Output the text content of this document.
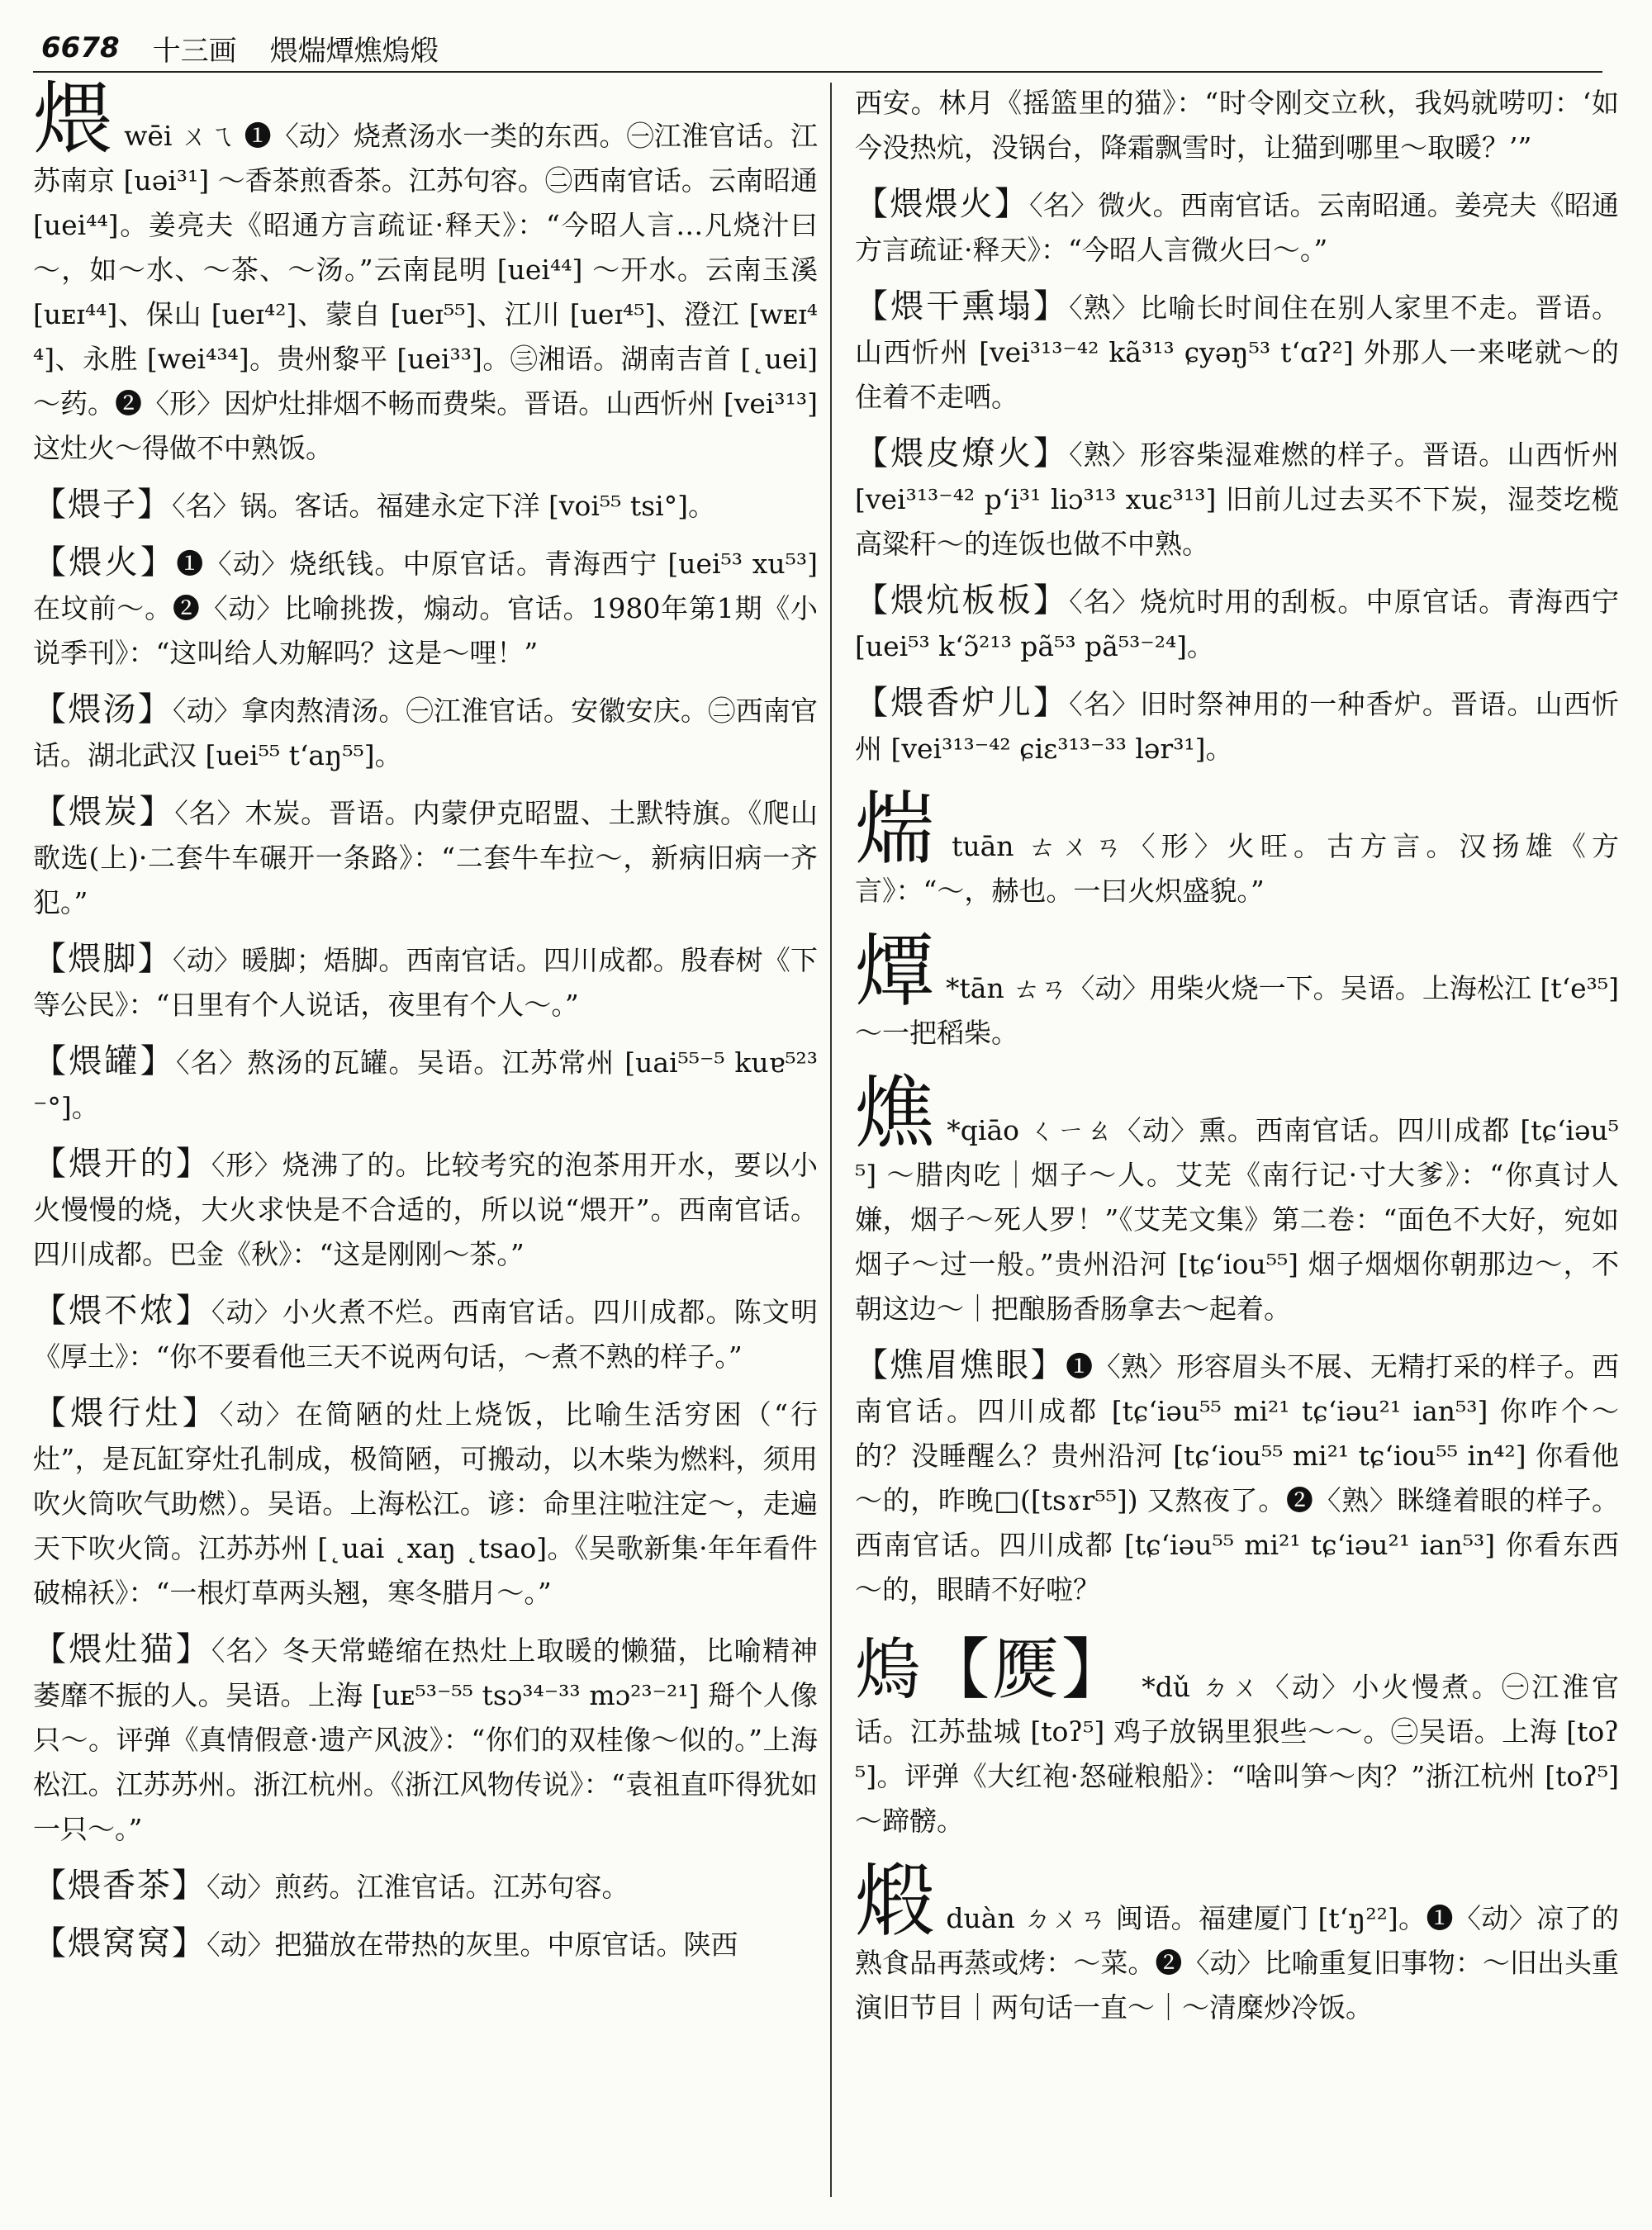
6678 十三画 煨煓燂燋熓煅

煨wēi ㄨㄟ ❶〈动〉烧煮汤水一类的东西。㊀江淮官话。江苏南京 [uəi³¹] ～香茶煎香茶。江苏句容。㊁西南官话。云南昭通 [uei⁴⁴]。姜亮夫《昭通方言疏证·释天》：“今昭人言…凡烧汁曰～，如～水、～茶、～汤。”云南昆明 [uei⁴⁴] ～开水。云南玉溪 [uᴇɪ⁴⁴]、保山 [ueɪ⁴²]、蒙自 [ueɪ⁵⁵]、江川 [ueɪ⁴⁵]、澄江 [wᴇɪ⁴⁴]、永胜 [wei⁴³⁴]。贵州黎平 [uei³³]。㊂湘语。湖南吉首 [˛uei] ～药。❷〈形〉因炉灶排烟不畅而费柴。晋语。山西忻州 [vei³¹³] 这灶火～得做不中熟饭。

【煨子】〈名〉锅。客话。福建永定下洋 [voi⁵⁵ tsi°]。

【煨火】❶〈动〉烧纸钱。中原官话。青海西宁 [uei⁵³ xu⁵³] 在坟前～。❷〈动〉比喻挑拨，煽动。官话。1980年第1期《小说季刊》：“这叫给人劝解吗？这是～哩！”

【煨汤】〈动〉拿肉熬清汤。㊀江淮官话。安徽安庆。㊁西南官话。湖北武汉 [uei⁵⁵ t‘aŋ⁵⁵]。

【煨炭】〈名〉木炭。晋语。内蒙伊克昭盟、土默特旗。《爬山歌选(上)·二套牛车碾开一条路》：“二套牛车拉～，新病旧病一齐犯。”

【煨脚】〈动〉暖脚；焐脚。西南官话。四川成都。殷春树《下等公民》：“日里有个人说话，夜里有个人～。”

【煨罐】〈名〉熬汤的瓦罐。吴语。江苏常州 [uai⁵⁵⁻⁵ kuɐ⁵²³⁻°]。

【煨开的】〈形〉烧沸了的。比较考究的泡茶用开水，要以小火慢慢的烧，大火求快是不合适的，所以说“煨开”。西南官话。四川成都。巴金《秋》：“这是刚刚～茶。”

【煨不㶶】〈动〉小火煮不烂。西南官话。四川成都。陈文明《厚土》：“你不要看他三天不说两句话，～煮不熟的样子。”

【煨行灶】〈动〉在简陋的灶上烧饭，比喻生活穷困（“行灶”，是瓦缸穿灶孔制成，极简陋，可搬动，以木柴为燃料，须用吹火筒吹气助燃）。吴语。上海松江。谚：命里注啦注定～，走遍天下吹火筒。江苏苏州 [˛uai ˛xaŋ ˛tsao]。《吴歌新集·年年看件破棉袄》：“一根灯草两头翘，寒冬腊月～。”

【煨灶猫】〈名〉冬天常蜷缩在热灶上取暖的懒猫，比喻精神萎靡不振的人。吴语。上海 [uᴇ⁵³⁻⁵⁵ tsɔ³⁴⁻³³ mɔ²³⁻²¹] 搿个人像只～。评弹《真情假意·遗产风波》：“你们的双桂像～似的。”上海松江。江苏苏州。浙江杭州。《浙江风物传说》：“袁祖直吓得犹如一只～。”

【煨香茶】〈动〉煎药。江淮官话。江苏句容。

【煨窝窝】〈动〉把猫放在带热的灰里。中原官话。陕西

西安。林月《摇篮里的猫》：“时令刚交立秋，我妈就唠叨：‘如今没热炕，没锅台，降霜飘雪时，让猫到哪里～取暖？’”

【煨煨火】〈名〉微火。西南官话。云南昭通。姜亮夫《昭通方言疏证·释天》：“今昭人言微火曰～。”

【煨干熏塌】〈熟〉比喻长时间住在别人家里不走。晋语。山西忻州 [vei³¹³⁻⁴² kã³¹³ ɕyəŋ⁵³ t‘ɑʔ²] 外那人一来咾就～的住着不走哂。

【煨皮燎火】〈熟〉形容柴湿难燃的样子。晋语。山西忻州 [vei³¹³⁻⁴² p‘i³¹ liɔ³¹³ xuɛ³¹³] 旧前儿过去买不下炭，湿茭圪榄高粱秆～的连饭也做不中熟。

【煨炕板板】〈名〉烧炕时用的刮板。中原官话。青海西宁 [uei⁵³ k‘ɔ̃²¹³ pã⁵³ pã⁵³⁻²⁴]。

【煨香炉儿】〈名〉旧时祭神用的一种香炉。晋语。山西忻州 [vei³¹³⁻⁴² ɕiɛ³¹³⁻³³ lər³¹]。

煓tuān ㄊㄨㄢ〈形〉火旺。古方言。汉扬雄《方言》：“～，赫也。一曰火炽盛貌。”

燂 *tān ㄊㄢ〈动〉用柴火烧一下。吴语。上海松江 [t‘e³⁵] ～一把稻柴。

燋 *qiāo ㄑㄧㄠ〈动〉熏。西南官话。四川成都 [tɕ‘iəu⁵⁵] ～腊肉吃｜烟子～人。艾芜《南行记·寸大爹》：“你真讨人嫌，烟子～死人罗！”《艾芜文集》第二卷：“面色不大好，宛如烟子～过一般。”贵州沿河 [tɕ‘iou⁵⁵] 烟子烟烟你朝那边～，不朝这边～｜把酿肠香肠拿去～起着。

【燋眉燋眼】❶〈熟〉形容眉头不展、无精打采的样子。西南官话。四川成都 [tɕ‘iəu⁵⁵ mi²¹ tɕ‘iəu²¹ ian⁵³] 你咋个～的？没睡醒么？贵州沿河 [tɕ‘iou⁵⁵ mi²¹ tɕ‘iou⁵⁵ in⁴²] 你看他～的，昨晚□([tsɤr⁵⁵]) 又熬夜了。❷〈熟〉眯缝着眼的样子。西南官话。四川成都 [tɕ‘iəu⁵⁵ mi²¹ tɕ‘iəu²¹ ian⁵³] 你看东西～的，眼睛不好啦？

熓【㷳】 *dǔ ㄉㄨ〈动〉小火慢煮。㊀江淮官话。江苏盐城 [toʔ⁵] 鸡子放锅里狠些～～。㊁吴语。上海 [toʔ⁵]。评弹《大红袍·怒碰粮船》：“啥叫笋～肉？”浙江杭州 [toʔ⁵] ～蹄髈。

煅duàn ㄉㄨㄢ 闽语。福建厦门 [t‘ŋ²²]。❶〈动〉凉了的熟食品再蒸或烤：～菜。❷〈动〉比喻重复旧事物：～旧出头重演旧节目｜两句话一直～｜～清糜炒冷饭。
